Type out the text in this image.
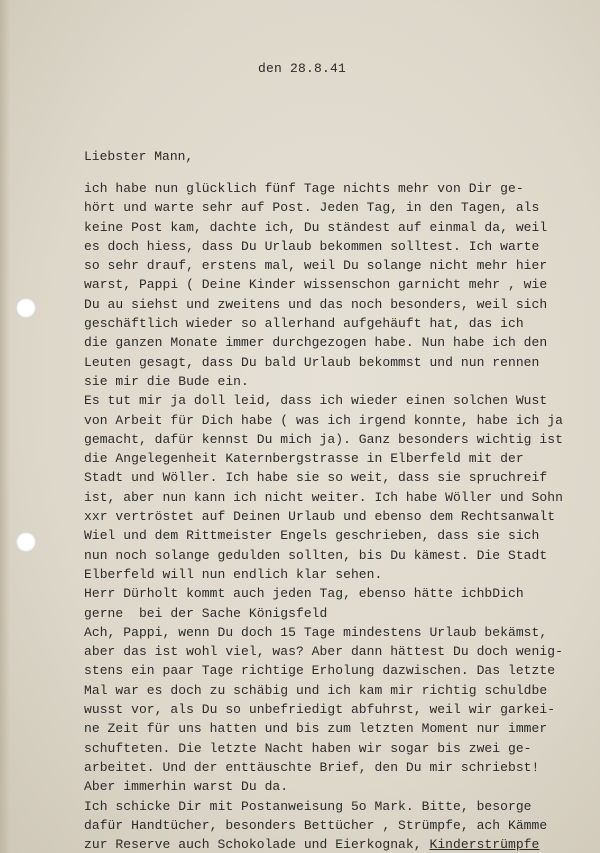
den 28.8.41
Liebster Mann,
ich habe nun glücklich fünf Tage nichts mehr von Dir ge-
hört und warte sehr auf Post. Jeden Tag, in den Tagen, als
keine Post kam, dachte ich, Du ständest auf einmal da, weil
es doch hiess, dass Du Urlaub bekommen solltest. Ich warte
so sehr drauf, erstens mal, weil Du solange nicht mehr hier
warst, Pappi ( Deine Kinder wissenschon garnicht mehr , wie
Du au siehst und zweitens und das noch besonders, weil sich
geschäftlich wieder so allerhand aufgehäuft hat, das ich
die ganzen Monate immer durchgezogen habe. Nun habe ich den
Leuten gesagt, dass Du bald Urlaub bekommst und nun rennen
sie mir die Bude ein.
Es tut mir ja doll leid, dass ich wieder einen solchen Wust
von Arbeit für Dich habe ( was ich irgend konnte, habe ich ja
gemacht, dafür kennst Du mich ja). Ganz besonders wichtig ist
die Angelegenheit Katernbergstrasse in Elberfeld mit der
Stadt und Wöller. Ich habe sie so weit, dass sie spruchreif
ist, aber nun kann ich nicht weiter. Ich habe Wöller und Sohn
xxr vertröstet auf Deinen Urlaub und ebenso dem Rechtsanwalt
Wiel und dem Rittmeister Engels geschrieben, dass sie sich
nun noch solange gedulden sollten, bis Du kämest. Die Stadt
Elberfeld will nun endlich klar sehen.
Herr Dürholt kommt auch jeden Tag, ebenso hätte ichbDich
gerne  bei der Sache Königsfeld
Ach, Pappi, wenn Du doch 15 Tage mindestens Urlaub bekämst,
aber das ist wohl viel, was? Aber dann hättest Du doch wenig-
stens ein paar Tage richtige Erholung dazwischen. Das letzte
Mal war es doch zu schäbig und ich kam mir richtig schuldbe
wusst vor, als Du so unbefriedigt abfuhrst, weil wir garkei-
ne Zeit für uns hatten und bis zum letzten Moment nur immer
schufteten. Die letzte Nacht haben wir sogar bis zwei ge-
arbeitet. Und der enttäuschte Brief, den Du mir schriebst!
Aber immerhin warst Du da.
Ich schicke Dir mit Postanweisung 5o Mark. Bitte, besorge
dafür Handtücher, besonders Bettücher , Strümpfe, ach Kämme
zur Reserve auch Schokolade und Eierkognak, Kinderstrümpfe
